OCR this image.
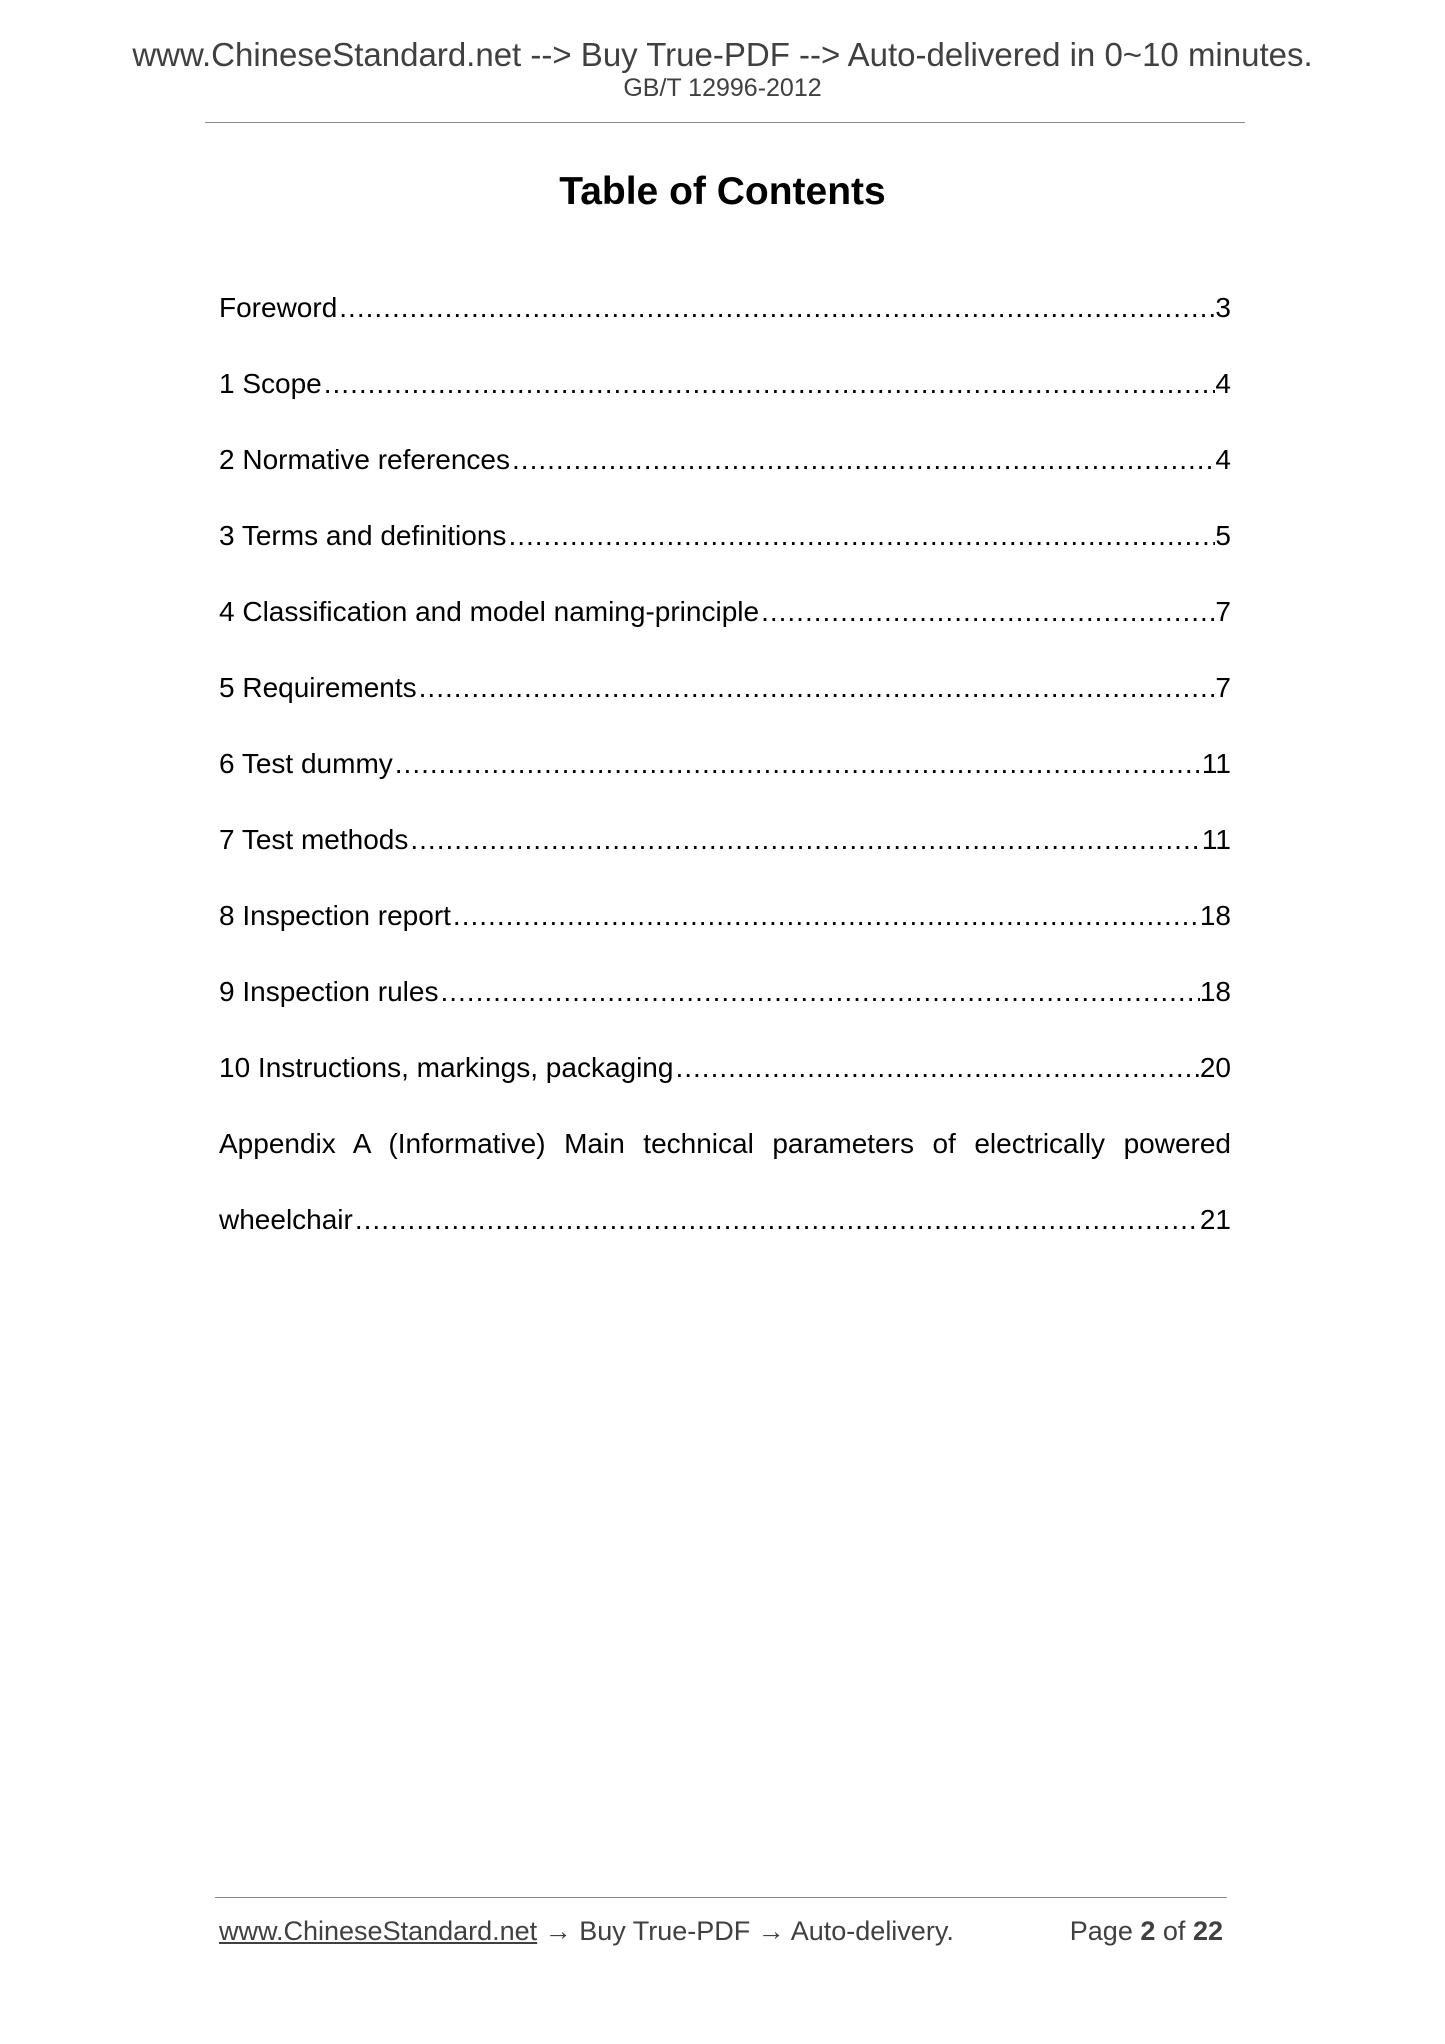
www.ChineseStandard.net --> Buy True-PDF --> Auto-delivered in 0~10 minutes.
GB/T 12996-2012
Table of Contents
Foreword .....	3
1 Scope .....	4
2 Normative references .....	4
3 Terms and definitions .....	5
4 Classification and model naming-principle .....	7
5 Requirements .....	7
6 Test dummy .....	11
7 Test methods .....	11
8 Inspection report .....	18
9 Inspection rules .....	18
10 Instructions, markings, packaging .....	20
Appendix A (Informative) Main technical parameters of electrically powered
wheelchair .....	21
www.ChineseStandard.net → Buy True-PDF → Auto-delivery.	Page 2 of 22
